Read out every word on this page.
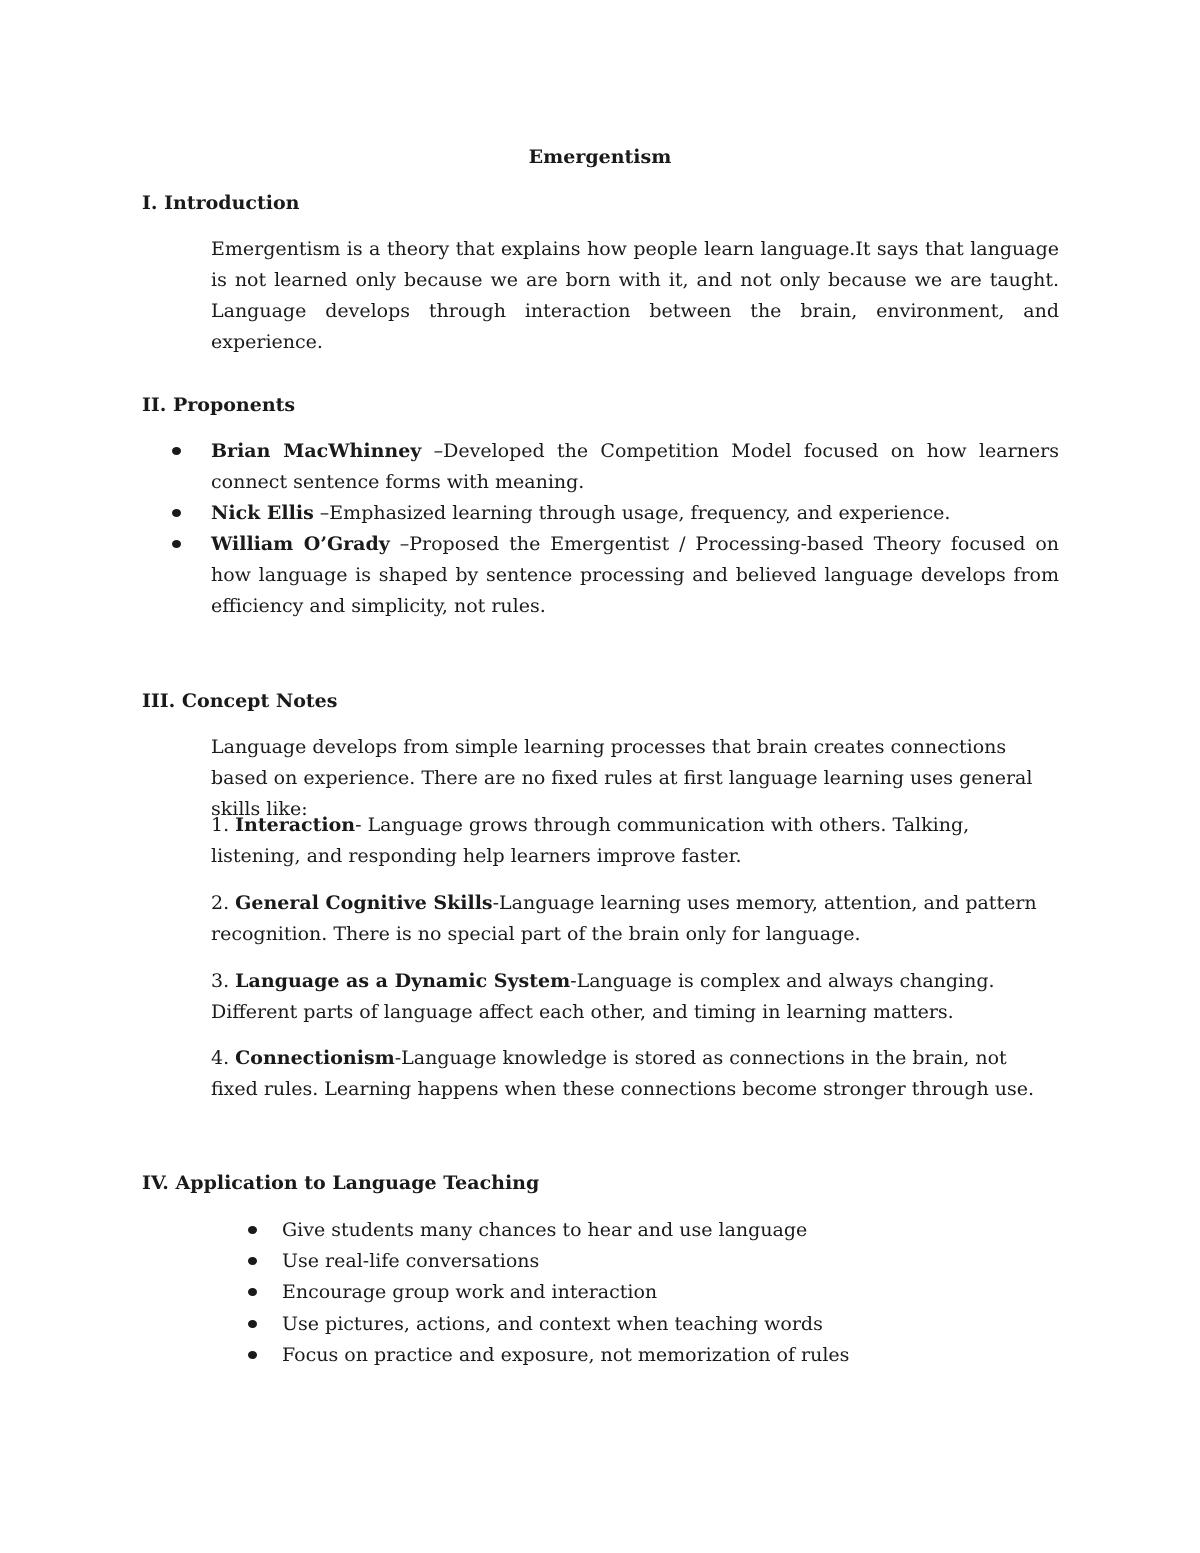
Emergentism
I. Introduction

Emergentism is a theory that explains how people learn language.It says that language is not learned only because we are born with it, and not only because we are taught. Language develops through interaction between the brain, environment, and experience.

II. Proponents
Brian MacWhinney –Developed the Competition Model focused on how learners connect sentence forms with meaning.
Nick Ellis –Emphasized learning through usage, frequency, and experience.
William O’Grady –Proposed the Emergentist / Processing-based Theory focused on how language is shaped by sentence processing and believed language develops from efficiency and simplicity, not rules.
III. Concept Notes

Language develops from simple learning processes that brain creates connections based on experience. There are no fixed rules at first language learning uses general skills like:

1. Interaction- Language grows through communication with others. Talking, listening, and responding help learners improve faster.

2. General Cognitive Skills-Language learning uses memory, attention, and pattern recognition. There is no special part of the brain only for language.

3. Language as a Dynamic System-Language is complex and always changing. Different parts of language affect each other, and timing in learning matters.

4. Connectionism-Language knowledge is stored as connections in the brain, not fixed rules. Learning happens when these connections become stronger through use.

IV. Application to Language Teaching
Give students many chances to hear and use language
Use real-life conversations
Encourage group work and interaction
Use pictures, actions, and context when teaching words
Focus on practice and exposure, not memorization of rules
